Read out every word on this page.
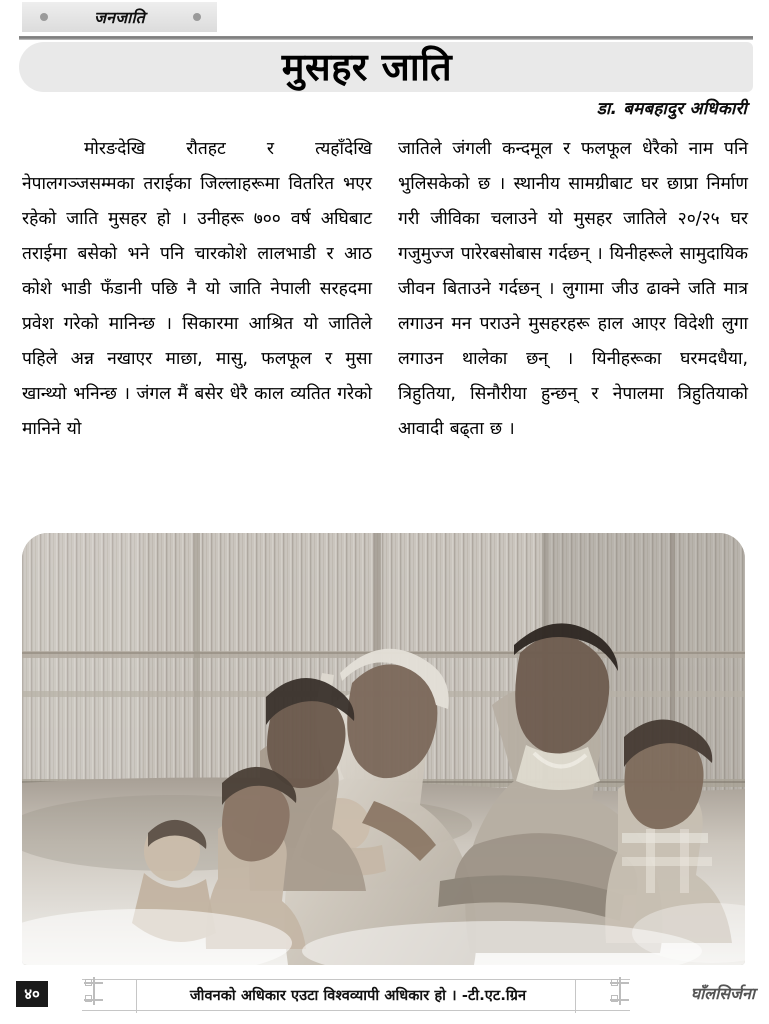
जनजाति
मुसहर जाति
डा. बमबहादुर अधिकारी

मोरङदेखि रौतहट र त्यहाँदेखि नेपालगञ्जसम्मका तराईका जिल्लाहरूमा वितरित भएर रहेको जाति मुसहर हो । उनीहरू ७०० वर्ष अघिबाट तराईमा बसेको भने पनि चारकोशे लालभाडी र आठ कोशे भाडी फँडानी पछि नै यो जाति नेपाली सरहदमा प्रवेश गरेको मानिन्छ । सिकारमा आश्रित यो जातिले पहिले अन्न नखाएर माछा, मासु, फलफूल र मुसा खान्थ्यो भनिन्छ । जंगल मैं बसेर धेरै काल व्यतित गरेको मानिने यो

जातिले जंगली कन्दमूल र फलफूल धेरैको नाम पनि भुलिसकेको छ । स्थानीय सामग्रीबाट घर छाप्रा निर्माण गरी जीविका चलाउने यो मुसहर जातिले २०/२५ घर गजुमुज्ज पारेरबसोबास गर्दछन् । यिनीहरूले सामुदायिक जीवन बिताउने गर्दछन् । लुगामा जीउ ढाक्ने जति मात्र लगाउन मन पराउने मुसहरहरू हाल आएर विदेशी लुगा लगाउन थालेका छन् । यिनीहरूका घरमदधैया, त्रिहुतिया, सिनौरीया हुन्छन् र नेपालमा त्रिहुतियाको आवादी बढ्ता छ ।

४०	जीवनको अधिकार एउटा विश्वव्यापी अधिकार हो । -टी.एट.ग्रिन	घाँलसिर्जना
